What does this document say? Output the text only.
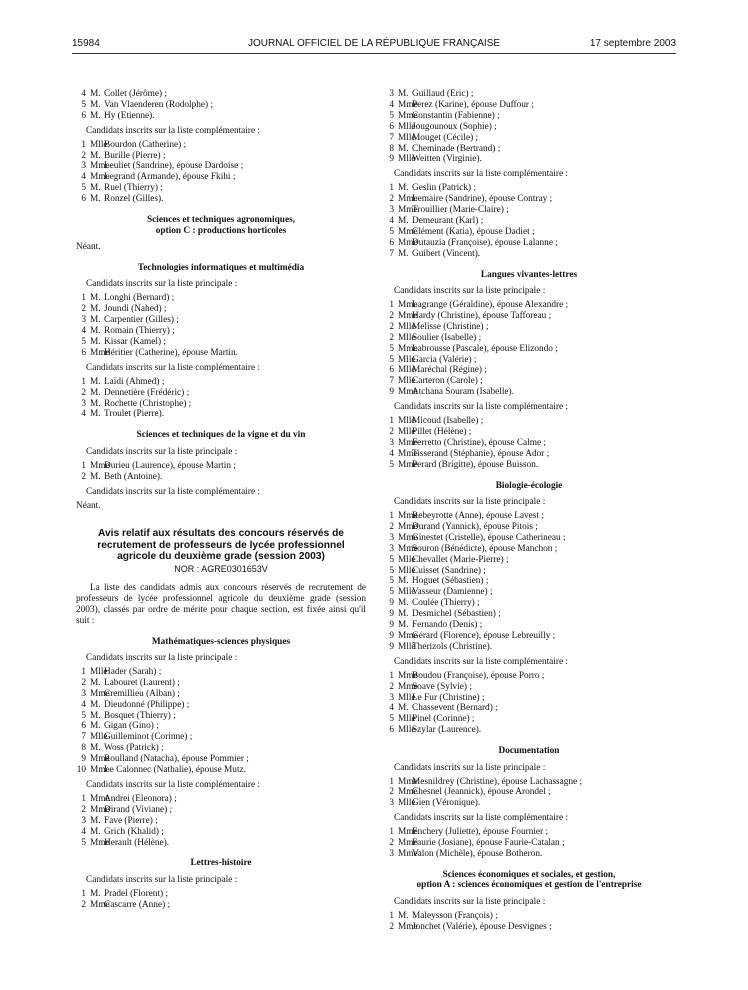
15984	JOURNAL OFFICIEL DE LA RÉPUBLIQUE FRANÇAISE	17 septembre 2003
4 M. Collet (Jérôme) ;
5 M. Van Vlaenderen (Rodolphe) ;
6 M. Hy (Etienne).
Candidats inscrits sur la liste complémentaire :
1 MlleBourdon (Catherine) ;
2 M. Burille (Pierre) ;
3 MmeLeuliet (Sandrine), épouse Dardoise ;
4 MmeLegrand (Armande), épouse Fkihi ;
5 M. Ruel (Thierry) ;
6 M. Ronzel (Gilles).
Sciences et techniques agronomiques,
option C : productions horticoles
Néant.
Technologies informatiques et multimédia
Candidats inscrits sur la liste principale :
1 M. Longhi (Bernard) ;
2 M. Joundi (Nahed) ;
3 M. Carpentier (Gilles) ;
4 M. Romain (Thierry) ;
5 M. Kissar (Kamel) ;
6 MmeHéritier (Catherine), épouse Martin.
Candidats inscrits sur la liste complémentaire :
1 M. Laïdi (Ahmed) ;
2 M. Dennetière (Frédéric) ;
3 M. Rochette (Christophe) ;
4 M. Troulet (Pierre).
Sciences et techniques de la vigne et du vin
Candidats inscrits sur la liste principale :
1 MmeDurieu (Laurence), épouse Martin ;
2 M. Beth (Antoine).
Candidats inscrits sur la liste complémentaire :
Néant.
Avis relatif aux résultats des concours réservés de
recrutement de professeurs de lycée professionnel
agricole du deuxième grade (session 2003)
NOR : AGRE0301653V
La liste des candidats admis aux concours réservés de recrutement de professeurs de lycée professionnel agricole du deuxième grade (session 2003), classés par ordre de mérite pour chaque section, est fixée ainsi qu'il suit :
Mathématiques-sciences physiques
Candidats inscrits sur la liste principale :
1 MlleHader (Sarah) ;
2 M. Labouret (Laurent) ;
3 MmeCremillieu (Alban) ;
4 M. Dieudonné (Philippe) ;
5 M. Bosquet (Thierry) ;
6 M. Gigan (Gino) ;
7 MlleGuilleminot (Corinne) ;
8 M. Woss (Patrick) ;
9 MmeRoulland (Natacha), épouse Pommier ;
10 MmeLe Calonnec (Nathalie), épouse Mutz.
Candidats inscrits sur la liste complémentaire :
1 MmeAndrei (Eleonora) ;
2 MmeDirand (Viviane) ;
3 M. Fave (Pierre) ;
4 M. Grich (Khalid) ;
5 MmeHerault (Hélène).
Lettres-histoire
Candidats inscrits sur la liste principale :
1 M. Pradel (Florent) ;
2 MmeCascarre (Anne) ;
3 M. Guillaud (Eric) ;
4 MmePerez (Karine), épouse Duffour ;
5 MmeConstantin (Fabienne) ;
6 MlleJougounoux (Sophie) ;
7 MlleMouget (Cécile) ;
8 M. Cheminade (Bertrand) ;
9 MlleWeitten (Virginie).
Candidats inscrits sur la liste complémentaire :
1 M. Geslin (Patrick) ;
2 MmeLemaire (Sandrine), épouse Contray ;
3 MmeTrouillier (Marie-Claire) ;
4 M. Demeurant (Karl) ;
5 MmeClément (Katia), épouse Dadiet ;
6 MmeDutauzia (Françoise), épouse Lalanne ;
7 M. Guibert (Vincent).
Langues vivantes-lettres
Candidats inscrits sur la liste principale :
1 MmeLagrange (Géraldine), épouse Alexandre ;
2 MmeHardy (Christine), épouse Tafforeau ;
2 MlleMelisse (Christine) ;
2 MlleSoulier (Isabelle) ;
5 MmeLabrousse (Pascale), épouse Elizondo ;
5 MlleGarcia (Valérie) ;
6 MlleMaréchal (Régine) ;
7 MlleCarteron (Carole) ;
9 MmeAtchana Souram (Isabelle).
Candidats inscrits sur la liste complémentaire :
1 MlleMicoud (Isabelle) ;
2 MllePillet (Hélène) ;
3 MmeFerretto (Christine), épouse Calme ;
4 MmeTisserand (Stéphanie), épouse Ador ;
5 MmePerard (Brigitte), épouse Buisson.
Biologie-écologie
Candidats inscrits sur la liste principale :
1 MmeRebeyrotte (Anne), épouse Lavest ;
2 MmeDurand (Yannick), épouse Pitois ;
3 MmeGinestet (Cristelle), épouse Catherineau ;
3 MmeSouron (Bénédicte), épouse Manchon ;
5 MlleChevallet (Marie-Pierre) ;
5 MlleCuisset (Sandrine) ;
5 M. Hoguet (Sébastien) ;
5 MlleVasseur (Damienne) ;
9 M. Coulée (Thierry) ;
9 M. Desmichel (Sébastien) ;
9 M. Fernando (Denis) ;
9 MmeGérard (Florence), épouse Lebreuilly ;
9 MlleTherizols (Christine).
Candidats inscrits sur la liste complémentaire :
1 MmeBoudou (Françoise), épouse Porro ;
2 MmeSoave (Sylvie) ;
3 MlleLe Fur (Christine) ;
4 M. Chassevent (Bernard) ;
5 MllePinel (Corinne) ;
6 MlleSzylar (Laurence).
Documentation
Candidats inscrits sur la liste principale :
1 MmeMesnildrey (Christine), épouse Lachassagne ;
2 MmeChesnel (Jeannick), épouse Arondel ;
3 MlleGien (Véronique).
Candidats inscrits sur la liste complémentaire :
1 MmeEnchery (Juliette), épouse Fournier ;
2 MmeFaurie (Josiane), épouse Faurie-Catalan ;
3 MmeValon (Michèle), épouse Botheron.
Sciences économiques et sociales, et gestion,
option A : sciences économiques et gestion de l'entreprise
Candidats inscrits sur la liste principale :
1 M. Maleysson (François) ;
2 MmeJonchet (Valérie), épouse Desvignes ;
